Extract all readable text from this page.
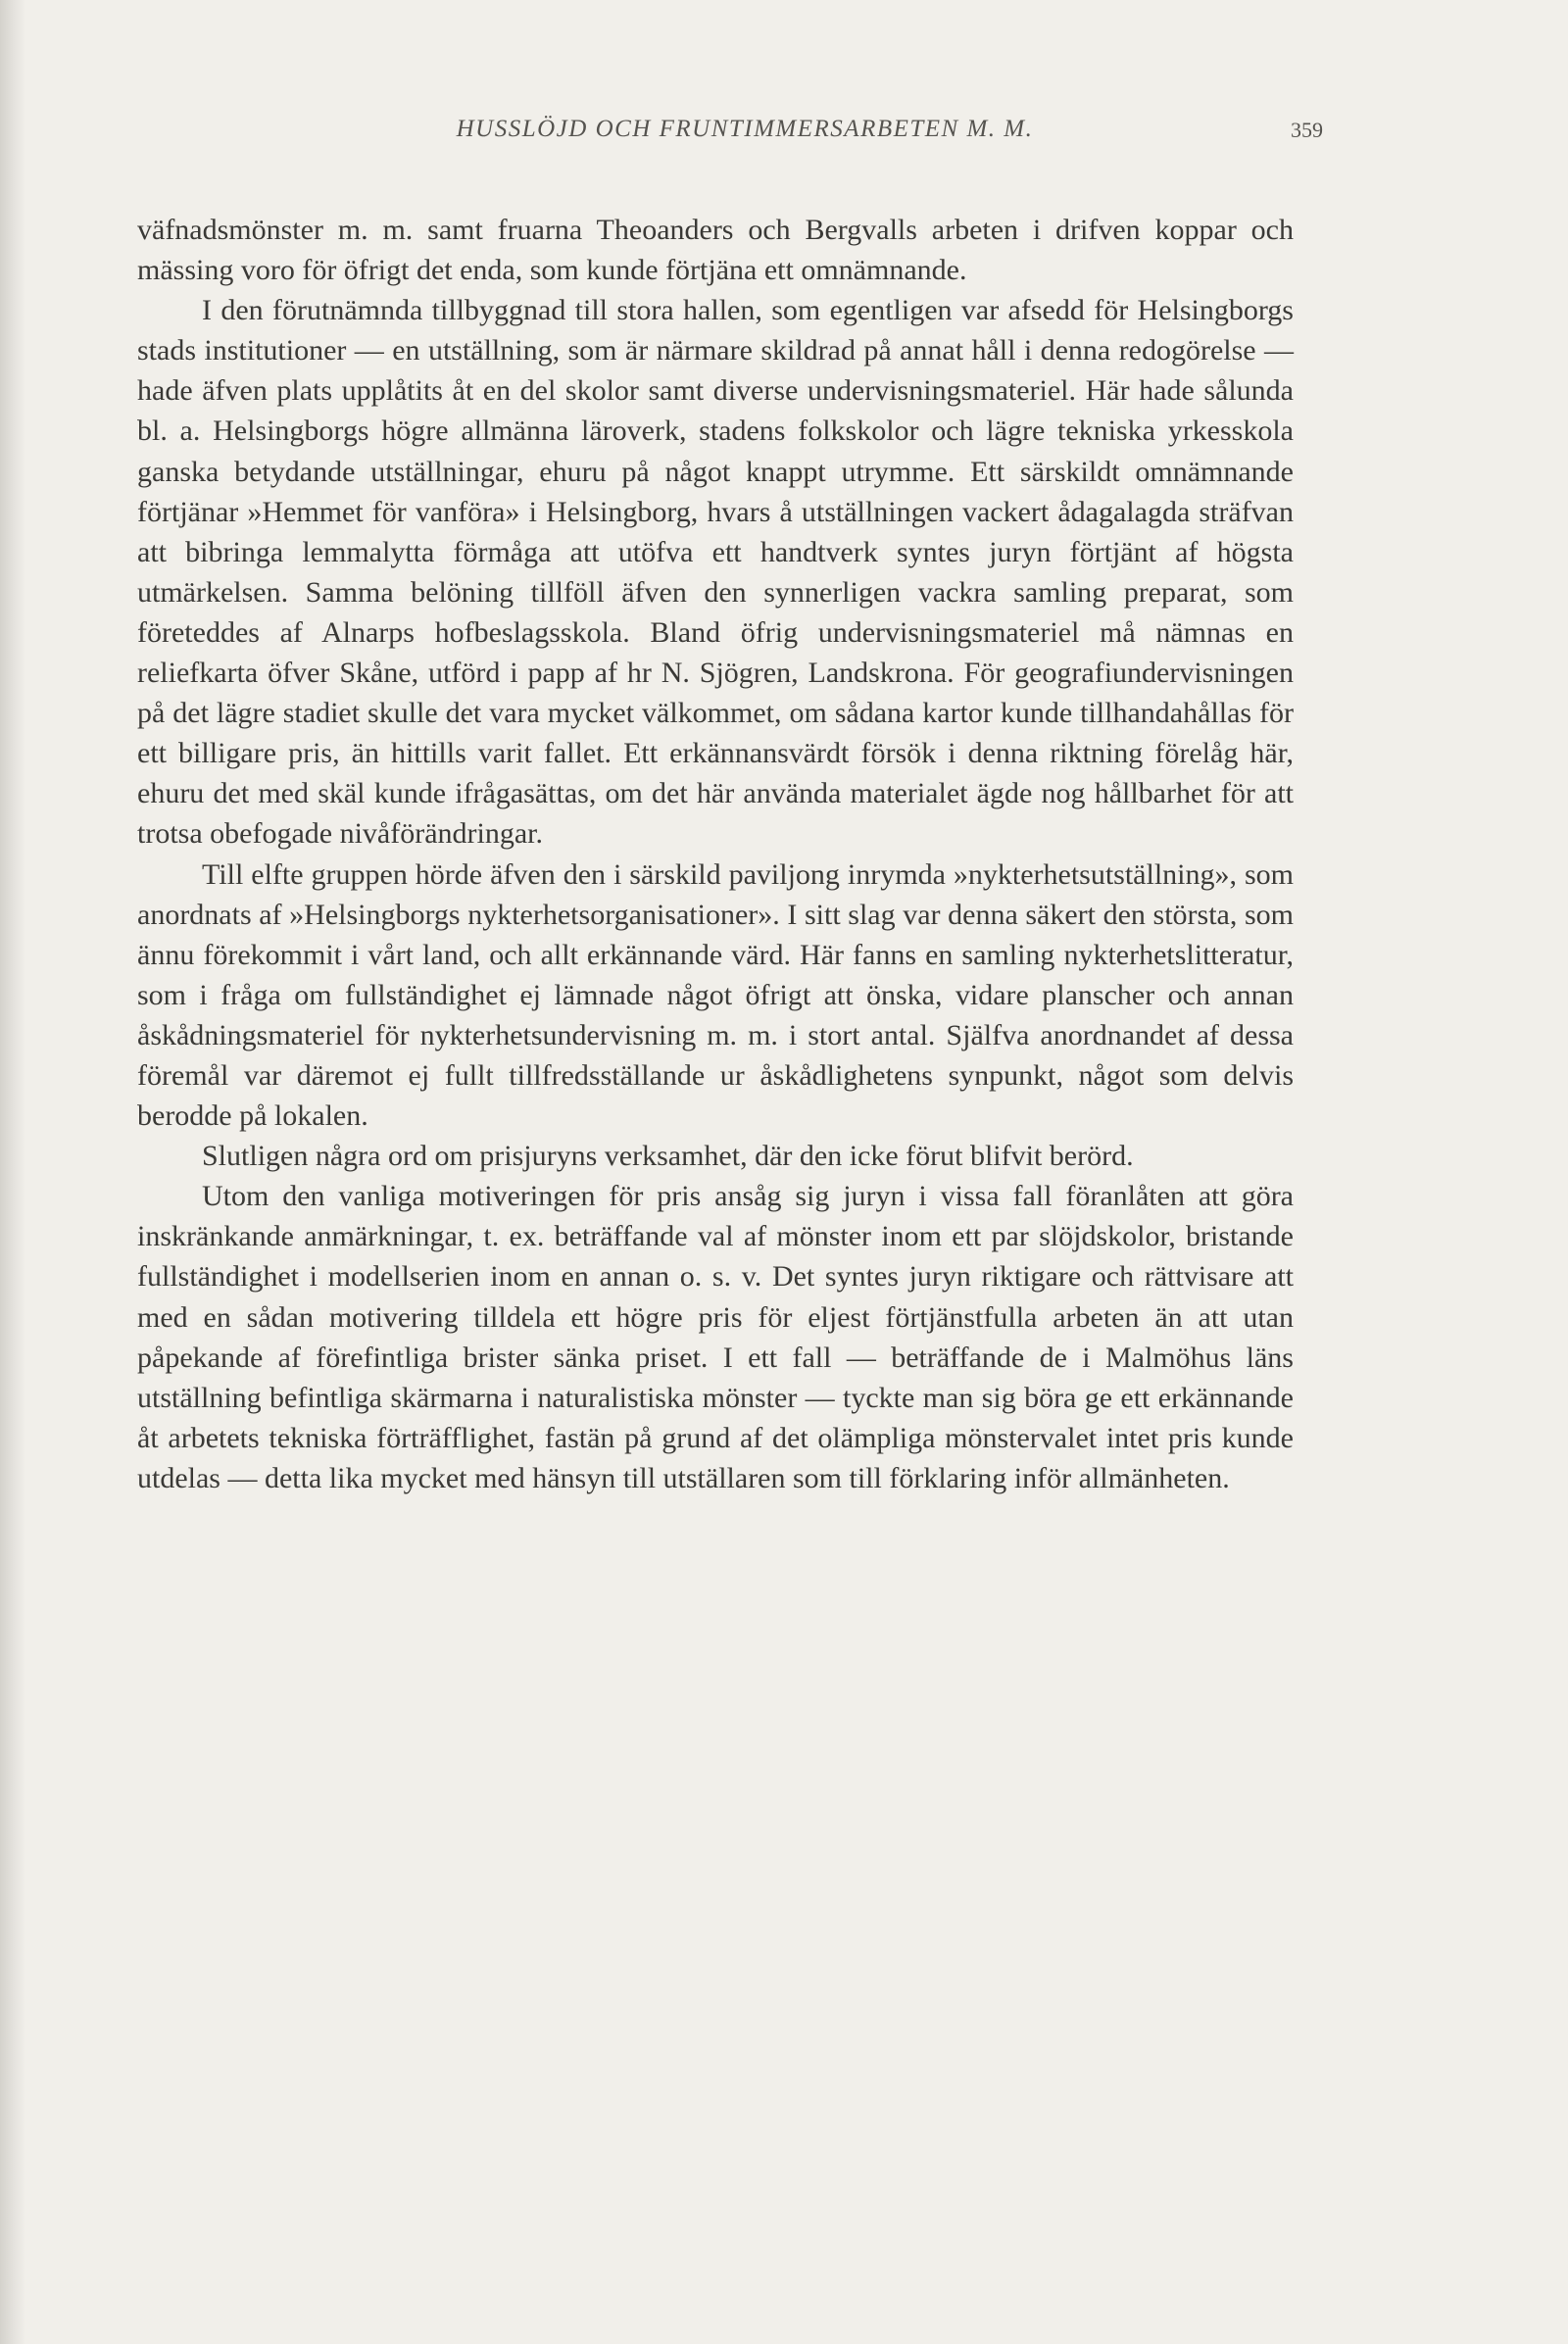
HUSSLÖJD OCH FRUNTIMMERSARBETEN M. M.	359

väfnadsmönster m. m. samt fruarna Theoanders och Bergvalls arbeten i drifven koppar och mässing voro för öfrigt det enda, som kunde förtjäna ett omnämnande.

I den förutnämnda tillbyggnad till stora hallen, som egentligen var afsedd för Helsingborgs stads institutioner — en utställning, som är närmare skildrad på annat håll i denna redogörelse — hade äfven plats upplåtits åt en del skolor samt diverse undervisningsmateriel. Här hade sålunda bl. a. Helsingborgs högre allmänna läroverk, stadens folkskolor och lägre tekniska yrkesskola ganska betydande utställningar, ehuru på något knappt utrymme. Ett särskildt omnämnande förtjänar »Hemmet för vanföra» i Helsingborg, hvars å utställningen vackert ådagalagda sträfvan att bibringa lemmalytta förmåga att utöfva ett handtverk syntes juryn förtjänt af högsta utmärkelsen. Samma belöning tillföll äfven den synnerligen vackra samling preparat, som företeddes af Alnarps hofbeslagsskola. Bland öfrig undervisningsmateriel må nämnas en reliefkarta öfver Skåne, utförd i papp af hr N. Sjögren, Landskrona. För geografiundervisningen på det lägre stadiet skulle det vara mycket välkommet, om sådana kartor kunde tillhandahållas för ett billigare pris, än hittills varit fallet. Ett erkännansvärdt försök i denna riktning förelåg här, ehuru det med skäl kunde ifrågasättas, om det här använda materialet ägde nog hållbarhet för att trotsa obefogade nivåförändringar.

Till elfte gruppen hörde äfven den i särskild paviljong inrymda »nykterhetsutställning», som anordnats af »Helsingborgs nykterhetsorganisationer». I sitt slag var denna säkert den största, som ännu förekommit i vårt land, och allt erkännande värd. Här fanns en samling nykterhetslitteratur, som i fråga om fullständighet ej lämnade något öfrigt att önska, vidare planscher och annan åskådningsmateriel för nykterhetsundervisning m. m. i stort antal. Själfva anordnandet af dessa föremål var däremot ej fullt tillfredsställande ur åskådlighetens synpunkt, något som delvis berodde på lokalen.

Slutligen några ord om prisjuryns verksamhet, där den icke förut blifvit berörd.

Utom den vanliga motiveringen för pris ansåg sig juryn i vissa fall föranlåten att göra inskränkande anmärkningar, t. ex. beträffande val af mönster inom ett par slöjdskolor, bristande fullständighet i modellserien inom en annan o. s. v. Det syntes juryn riktigare och rättvisare att med en sådan motivering tilldela ett högre pris för eljest förtjänstfulla arbeten än att utan påpekande af förefintliga brister sänka priset. I ett fall — beträffande de i Malmöhus läns utställning befintliga skärmarna i naturalistiska mönster — tyckte man sig böra ge ett erkännande åt arbetets tekniska förträfflighet, fastän på grund af det olämpliga mönstervalet intet pris kunde utdelas — detta lika mycket med hänsyn till utställaren som till förklaring inför allmänheten.
